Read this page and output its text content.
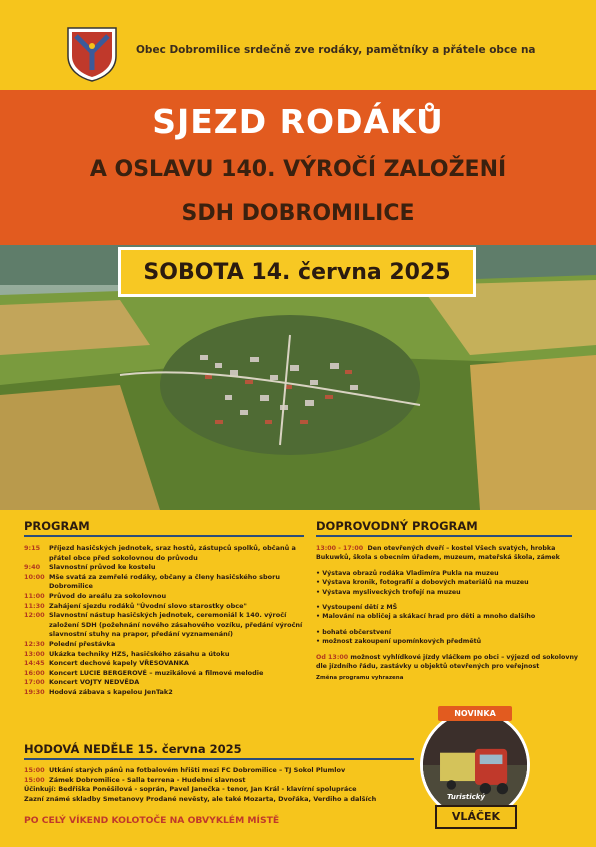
Obec Dobromilice srdečně zve rodáky, pamětníky a přátele obce na
SJEZD RODÁKŮ
A OSLAVU 140. VÝROČÍ ZALOŽENÍ
SDH DOBROMILICE
SOBOTA 14. června 2025
PROGRAM
9:15	Příjezd hasičských jednotek, sraz hostů, zástupců spolků, občanů a přátel obce před sokolovnou do průvodu
9:40	Slavnostní průvod ke kostelu
10:00 Mše svatá za zemřelé rodáky, občany a členy hasičského sboru Dobromilice
11:00 Průvod do areálu za sokolovnou
11:30 Zahájení sjezdu rodáků "Úvodní slovo starostky obce"
12:00 Slavnostní nástup hasičských jednotek, ceremoniál k 140. výročí založení SDH (požehnání nového zásahového vozíku, předání výroční slavnostní stuhy na prapor, předání vyznamenání)
12:30 Polední přestávka
13:00 Ukázka techniky HZS, hasičského zásahu a útoku
14:45 Koncert dechové kapely VŘESOVANKA
16:00 Koncert LUCIE BERGEROVÉ – muzikálové a filmové melodie
17:00 Koncert VOJTY NEDVĚDA
19:30 Hodová zábava s kapelou JenTak2
DOPROVODNÝ PROGRAM
13:00 - 17:00 Den otevřených dveří – kostel Všech svatých, hrobka Bukuwků, škola s obecním úřadem, muzeum, mateřská škola, zámek
• Výstava obrazů rodáka Vladimíra Pukla na muzeu
• Výstava kronik, fotografií a dobových materiálů na muzeu
• Výstava mysliveckých trofejí na muzeu
• Vystoupení dětí z MŠ
• Malování na obličej a skákací hrad pro děti a mnoho dalšího
• bohaté občerstvení
• možnost zakoupení upomínkových předmětů
Od 13:00 možnost vyhlídkové jízdy vláčkem po obci – výjezd od sokolovny dle jízdního řádu, zastávky u objektů otevřených pro veřejnost
Změna programu vyhrazena
HODOVÁ NEDĚLE 15. června 2025
15:00 Utkání starých pánů na fotbalovém hřišti mezi FC Dobromilice – TJ Sokol Plumlov
15:00 Zámek Dobromilice - Salla terrena - Hudební slavnost
Účinkují: Bedřiška Poněšilová - soprán, Pavel Janečka - tenor, Jan Král - klavírní spolupráce
Zazní známé skladby Smetanovy Prodané nevěsty, ale také Mozarta, Dvořáka, Verdiho a dalších
PO CELÝ VÍKEND KOLOTOČE NA OBVYKLÉM MÍSTĚ
NOVINKA
Turistický
VLÁČEK
